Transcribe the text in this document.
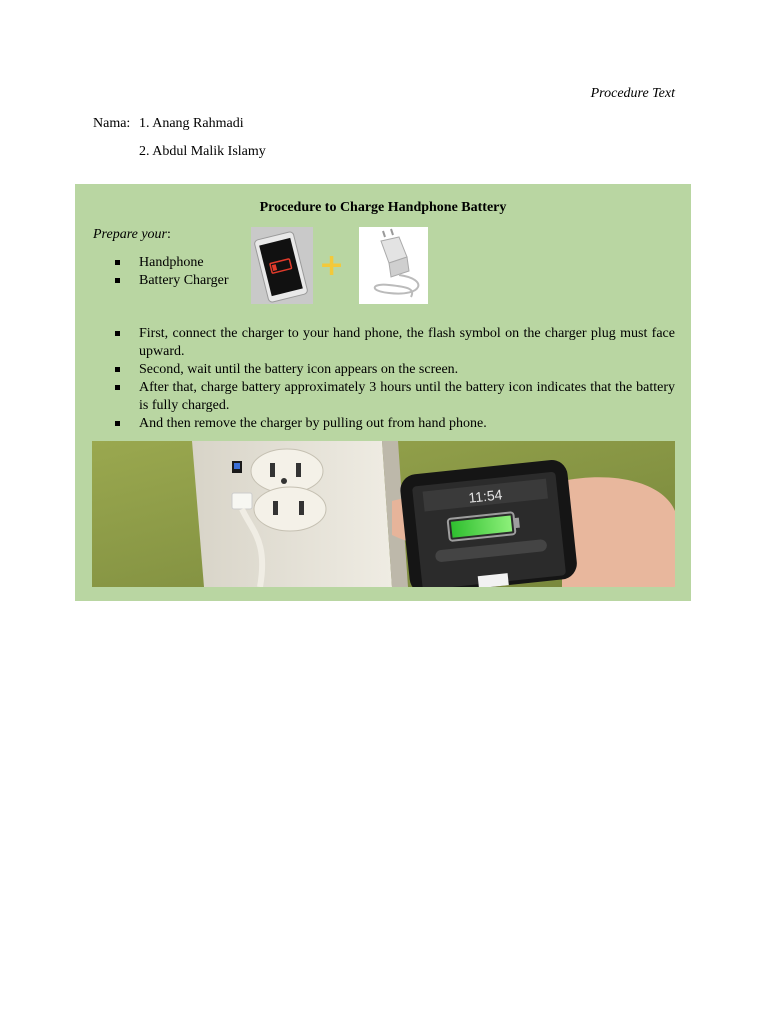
Procedure Text

Nama: 1. Anang Rahmadi
2. Abdul Malik Islamy
Procedure to Charge Handphone Battery
Prepare your:
Handphone
Battery Charger	+
First, connect the charger to your hand phone, the flash symbol on the charger plug must face upward.
Second, wait until the battery icon appears on the screen.
After that, charge battery approximately 3 hours until the battery icon indicates that the battery is fully charged.
And then remove the charger by pulling out from hand phone.
11:54
